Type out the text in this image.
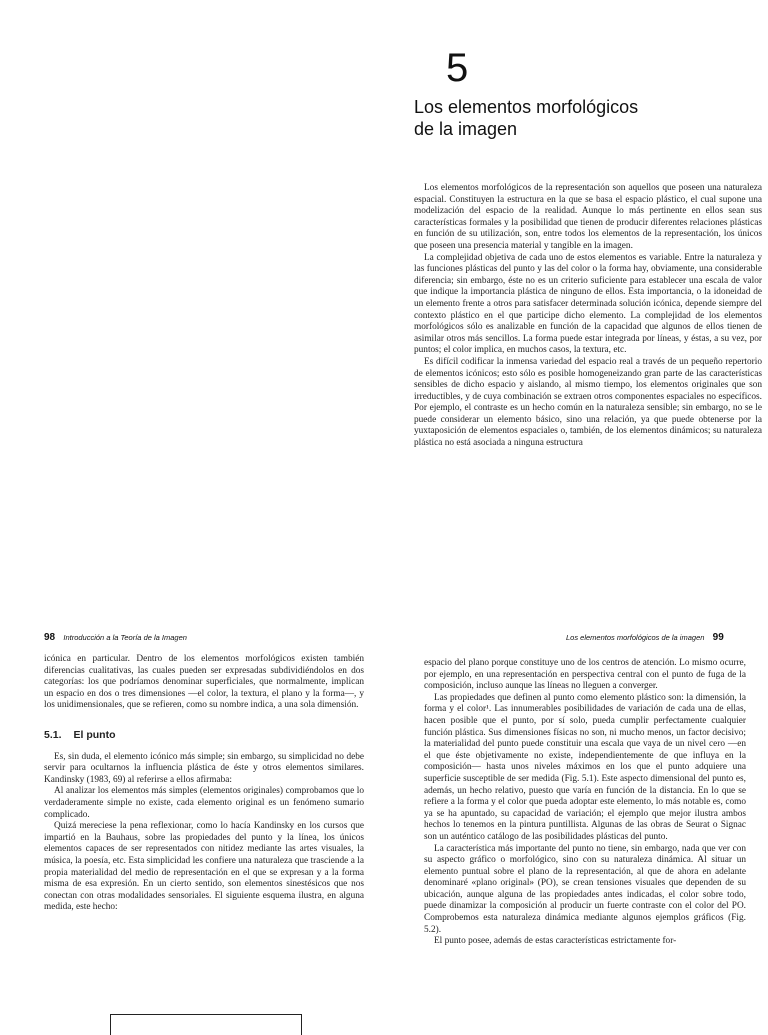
5
Los elementos morfológicos
de la imagen

Los elementos morfológicos de la representación son aquellos que poseen una naturaleza espacial. Constituyen la estructura en la que se basa el espacio plástico, el cual supone una modelización del espacio de la realidad. Aunque lo más pertinente en ellos sean sus características formales y la posibilidad que tienen de producir diferentes relaciones plásticas en función de su utilización, son, entre todos los elementos de la representación, los únicos que poseen una presencia material y tangible en la imagen.

La complejidad objetiva de cada uno de estos elementos es variable. Entre la naturaleza y las funciones plásticas del punto y las del color o la forma hay, obviamente, una considerable diferencia; sin embargo, éste no es un criterio suficiente para establecer una escala de valor que indique la importancia plástica de ninguno de ellos. Esta importancia, o la idoneidad de un elemento frente a otros para satisfacer determinada solución icónica, depende siempre del contexto plástico en el que participe dicho elemento. La complejidad de los elementos morfológicos sólo es analizable en función de la capacidad que algunos de ellos tienen de asimilar otros más sencillos. La forma puede estar integrada por líneas, y éstas, a su vez, por puntos; el color implica, en muchos casos, la textura, etc.

Es difícil codificar la inmensa variedad del espacio real a través de un pequeño repertorio de elementos icónicos; esto sólo es posible homogeneizando gran parte de las características sensibles de dicho espacio y aislando, al mismo tiempo, los elementos originales que son irreductibles, y de cuya combinación se extraen otros componentes espaciales no específicos. Por ejemplo, el contraste es un hecho común en la naturaleza sensible; sin embargo, no se le puede considerar un elemento básico, sino una relación, ya que puede obtenerse por la yuxtaposición de elementos espaciales o, también, de los elementos dinámicos; su naturaleza plástica no está asociada a ninguna estructura

98 Introducción a la Teoría de la Imagen	Los elementos morfológicos de la imagen 99

icónica en particular. Dentro de los elementos morfológicos existen también diferencias cualitativas, las cuales pueden ser expresadas subdividiéndolos en dos categorías: los que podríamos denominar superficiales, que normalmente, implican un espacio en dos o tres dimensiones —el color, la textura, el plano y la forma—, y los unidimensionales, que se refieren, como su nombre indica, a una sola dimensión.

5.1. El punto

Es, sin duda, el elemento icónico más simple; sin embargo, su simplicidad no debe servir para ocultarnos la influencia plástica de éste y otros elementos similares. Kandinsky (1983, 69) al referirse a ellos afirmaba:

Al analizar los elementos más simples (elementos originales) comprobamos que lo verdaderamente simple no existe, cada elemento original es un fenómeno sumario complicado.

Quizá mereciese la pena reflexionar, como lo hacía Kandinsky en los cursos que impartió en la Bauhaus, sobre las propiedades del punto y la línea, los únicos elementos capaces de ser representados con nitidez mediante las artes visuales, la música, la poesía, etc. Esta simplicidad les confiere una naturaleza que trasciende a la propia materialidad del medio de representación en el que se expresan y a la forma misma de esa expresión. En un cierto sentido, son elementos sinestésicos que nos conectan con otras modalidades sensoriales. El siguiente esquema ilustra, en alguna medida, este hecho:

espacio del plano porque constituye uno de los centros de atención. Lo mismo ocurre, por ejemplo, en una representación en perspectiva central con el punto de fuga de la composición, incluso aunque las líneas no lleguen a converger.

Las propiedades que definen al punto como elemento plástico son: la dimensión, la forma y el color¹. Las innumerables posibilidades de variación de cada una de ellas, hacen posible que el punto, por sí solo, pueda cumplir perfectamente cualquier función plástica. Sus dimensiones físicas no son, ni mucho menos, un factor decisivo; la materialidad del punto puede constituir una escala que vaya de un nivel cero —en el que éste objetivamente no existe, independientemente de que influya en la composición— hasta unos niveles máximos en los que el punto adquiere una superficie susceptible de ser medida (Fig. 5.1). Este aspecto dimensional del punto es, además, un hecho relativo, puesto que varía en función de la distancia. En lo que se refiere a la forma y el color que pueda adoptar este elemento, lo más notable es, como ya se ha apuntado, su capacidad de variación; el ejemplo que mejor ilustra ambos hechos lo tenemos en la pintura puntillista. Algunas de las obras de Seurat o Signac son un auténtico catálogo de las posibilidades plásticas del punto.

La característica más importante del punto no tiene, sin embargo, nada que ver con su aspecto gráfico o morfológico, sino con su naturaleza dinámica. Al situar un elemento puntual sobre el plano de la representación, al que de ahora en adelante denominaré «plano original» (PO), se crean tensiones visuales que dependen de su ubicación, aunque alguna de las propiedades antes indicadas, el color sobre todo, puede dinamizar la composición al producir un fuerte contraste con el color del PO. Comprobemos esta naturaleza dinámica mediante algunos ejemplos gráficos (Fig. 5.2).

El punto posee, además de estas características estrictamente for-
